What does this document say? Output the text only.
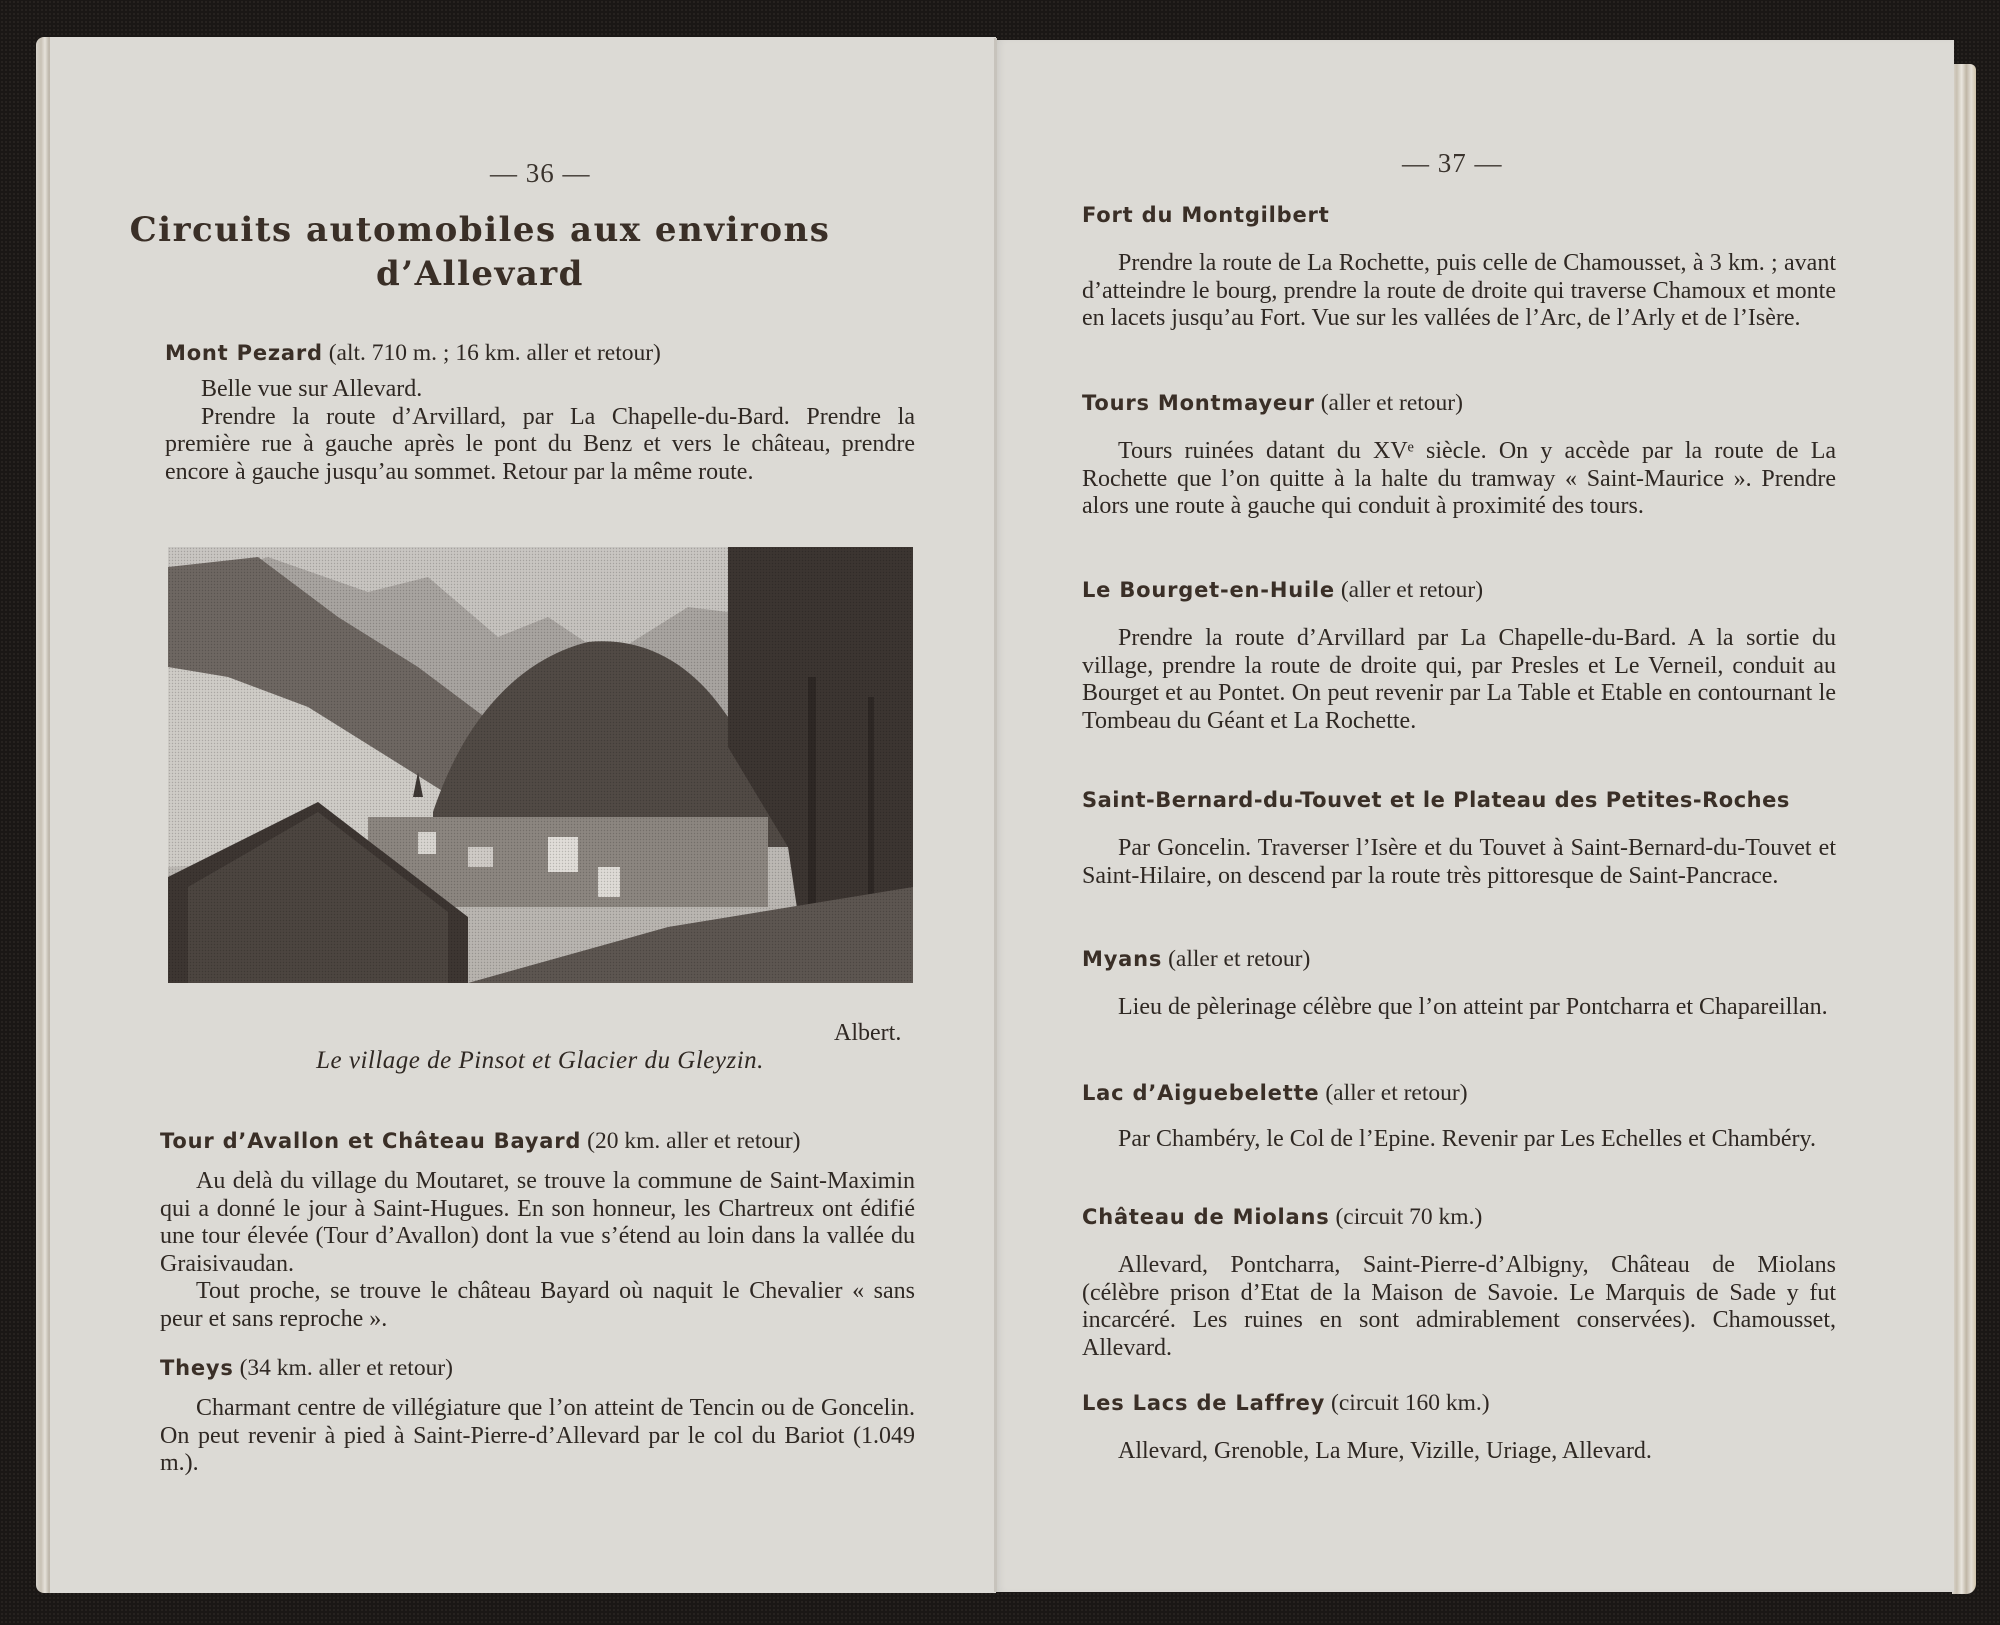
— 36 —
Circuits automobiles aux environs
d’Allevard
Mont Pezard (alt. 710 m. ; 16 km. aller et retour)

Belle vue sur Allevard.

Prendre la route d’Arvillard, par La Chapelle-du-Bard. Prendre la première rue à gauche après le pont du Benz et vers le château, prendre encore à gauche jusqu’au sommet. Retour par la même route.

Albert.
Le village de Pinsot et Glacier du Gleyzin.
Tour d’Avallon et Château Bayard (20 km. aller et retour)

Au delà du village du Moutaret, se trouve la commune de Saint-Maximin qui a donné le jour à Saint-Hugues. En son honneur, les Chartreux ont édifié une tour élevée (Tour d’Avallon) dont la vue s’étend au loin dans la vallée du Graisivaudan.

Tout proche, se trouve le château Bayard où naquit le Chevalier « sans peur et sans reproche ».

Theys (34 km. aller et retour)

Charmant centre de villégiature que l’on atteint de Tencin ou de Goncelin. On peut revenir à pied à Saint-Pierre-d’Allevard par le col du Bariot (1.049 m.).

— 37 —
Fort du Montgilbert

Prendre la route de La Rochette, puis celle de Chamousset, à 3 km. ; avant d’atteindre le bourg, prendre la route de droite qui traverse Chamoux et monte en lacets jusqu’au Fort. Vue sur les vallées de l’Arc, de l’Arly et de l’Isère.

Tours Montmayeur (aller et retour)

Tours ruinées datant du XVᵉ siècle. On y accède par la route de La Rochette que l’on quitte à la halte du tramway « Saint-Maurice ». Prendre alors une route à gauche qui conduit à proximité des tours.

Le Bourget-en-Huile (aller et retour)

Prendre la route d’Arvillard par La Chapelle-du-Bard. A la sortie du village, prendre la route de droite qui, par Presles et Le Verneil, conduit au Bourget et au Pontet. On peut revenir par La Table et Etable en contournant le Tombeau du Géant et La Rochette.

Saint-Bernard-du-Touvet et le Plateau des Petites-Roches

Par Goncelin. Traverser l’Isère et du Touvet à Saint-Bernard-du-Touvet et Saint-Hilaire, on descend par la route très pittoresque de Saint-Pancrace.

Myans (aller et retour)

Lieu de pèlerinage célèbre que l’on atteint par Pontcharra et Chapareillan.

Lac d’Aiguebelette (aller et retour)

Par Chambéry, le Col de l’Epine. Revenir par Les Echelles et Chambéry.

Château de Miolans (circuit 70 km.)

Allevard, Pontcharra, Saint-Pierre-d’Albigny, Château de Miolans (célèbre prison d’Etat de la Maison de Savoie. Le Marquis de Sade y fut incarcéré. Les ruines en sont admirablement conservées). Chamousset, Allevard.

Les Lacs de Laffrey (circuit 160 km.)

Allevard, Grenoble, La Mure, Vizille, Uriage, Allevard.
